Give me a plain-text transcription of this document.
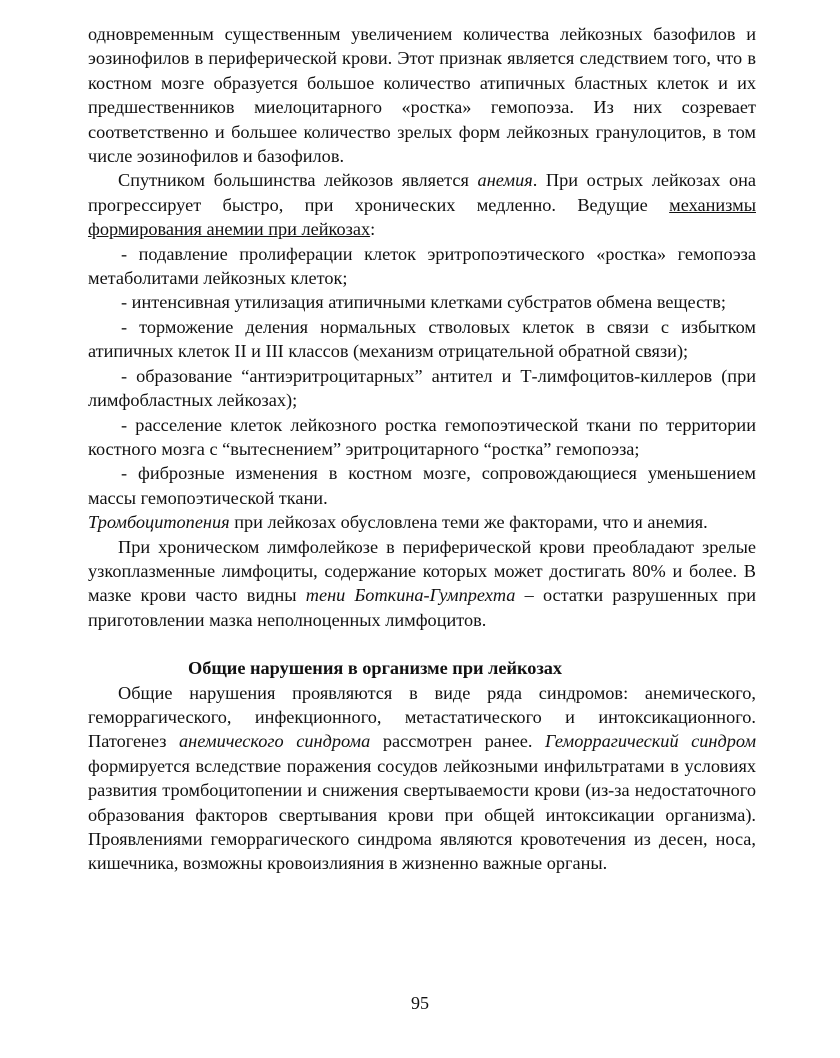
одновременным существенным увеличением количества лейкозных базофилов и эозинофилов в периферической крови. Этот признак является следствием того, что в костном мозге образуется большое количество атипичных бластных клеток и их предшественников миелоцитарного «ростка» гемопоэза. Из них созревает соответственно и большее количество зрелых форм лейкозных гранулоцитов, в том числе эозинофилов и базофилов.

Спутником большинства лейкозов является анемия. При острых лейкозах она прогрессирует быстро, при хронических медленно. Ведущие механизмы формирования анемии при лейкозах:

- подавление пролиферации клеток эритропоэтического «ростка» гемопоэза метаболитами лейкозных клеток;

- интенсивная утилизация атипичными клетками субстратов обмена веществ;

- торможение деления нормальных стволовых клеток в связи с избытком атипичных клеток II и III классов (механизм отрицательной обратной связи);

- образование “антиэритроцитарных” антител и Т-лимфоцитов-киллеров (при лимфобластных лейкозах);

- расселение клеток лейкозного ростка гемопоэтической ткани по территории костного мозга с “вытеснением” эритроцитарного “ростка” гемопоэза;

- фиброзные изменения в костном мозге, сопровождающиеся уменьшением массы гемопоэтической ткани.

Тромбоцитопения при лейкозах обусловлена теми же факторами, что и анемия.

При хроническом лимфолейкозе в периферической крови преобладают зрелые узкоплазменные лимфоциты, содержание которых может достигать 80% и более. В мазке крови часто видны тени Боткина-Гумпрехта – остатки разрушенных при приготовлении мазка неполноценных лимфоцитов.

Общие нарушения в организме при лейкозах

Общие нарушения проявляются в виде ряда синдромов: анемического, геморрагического, инфекционного, метастатического и интоксикационного. Патогенез анемического синдрома рассмотрен ранее. Геморрагический синдром формируется вследствие поражения сосудов лейкозными инфильтратами в условиях развития тромбоцитопении и снижения свертываемости крови (из-за недостаточного образования факторов свертывания крови при общей интоксикации организма). Проявлениями геморрагического синдрома являются кровотечения из десен, носа, кишечника, возможны кровоизлияния в жизненно важные органы.

95
